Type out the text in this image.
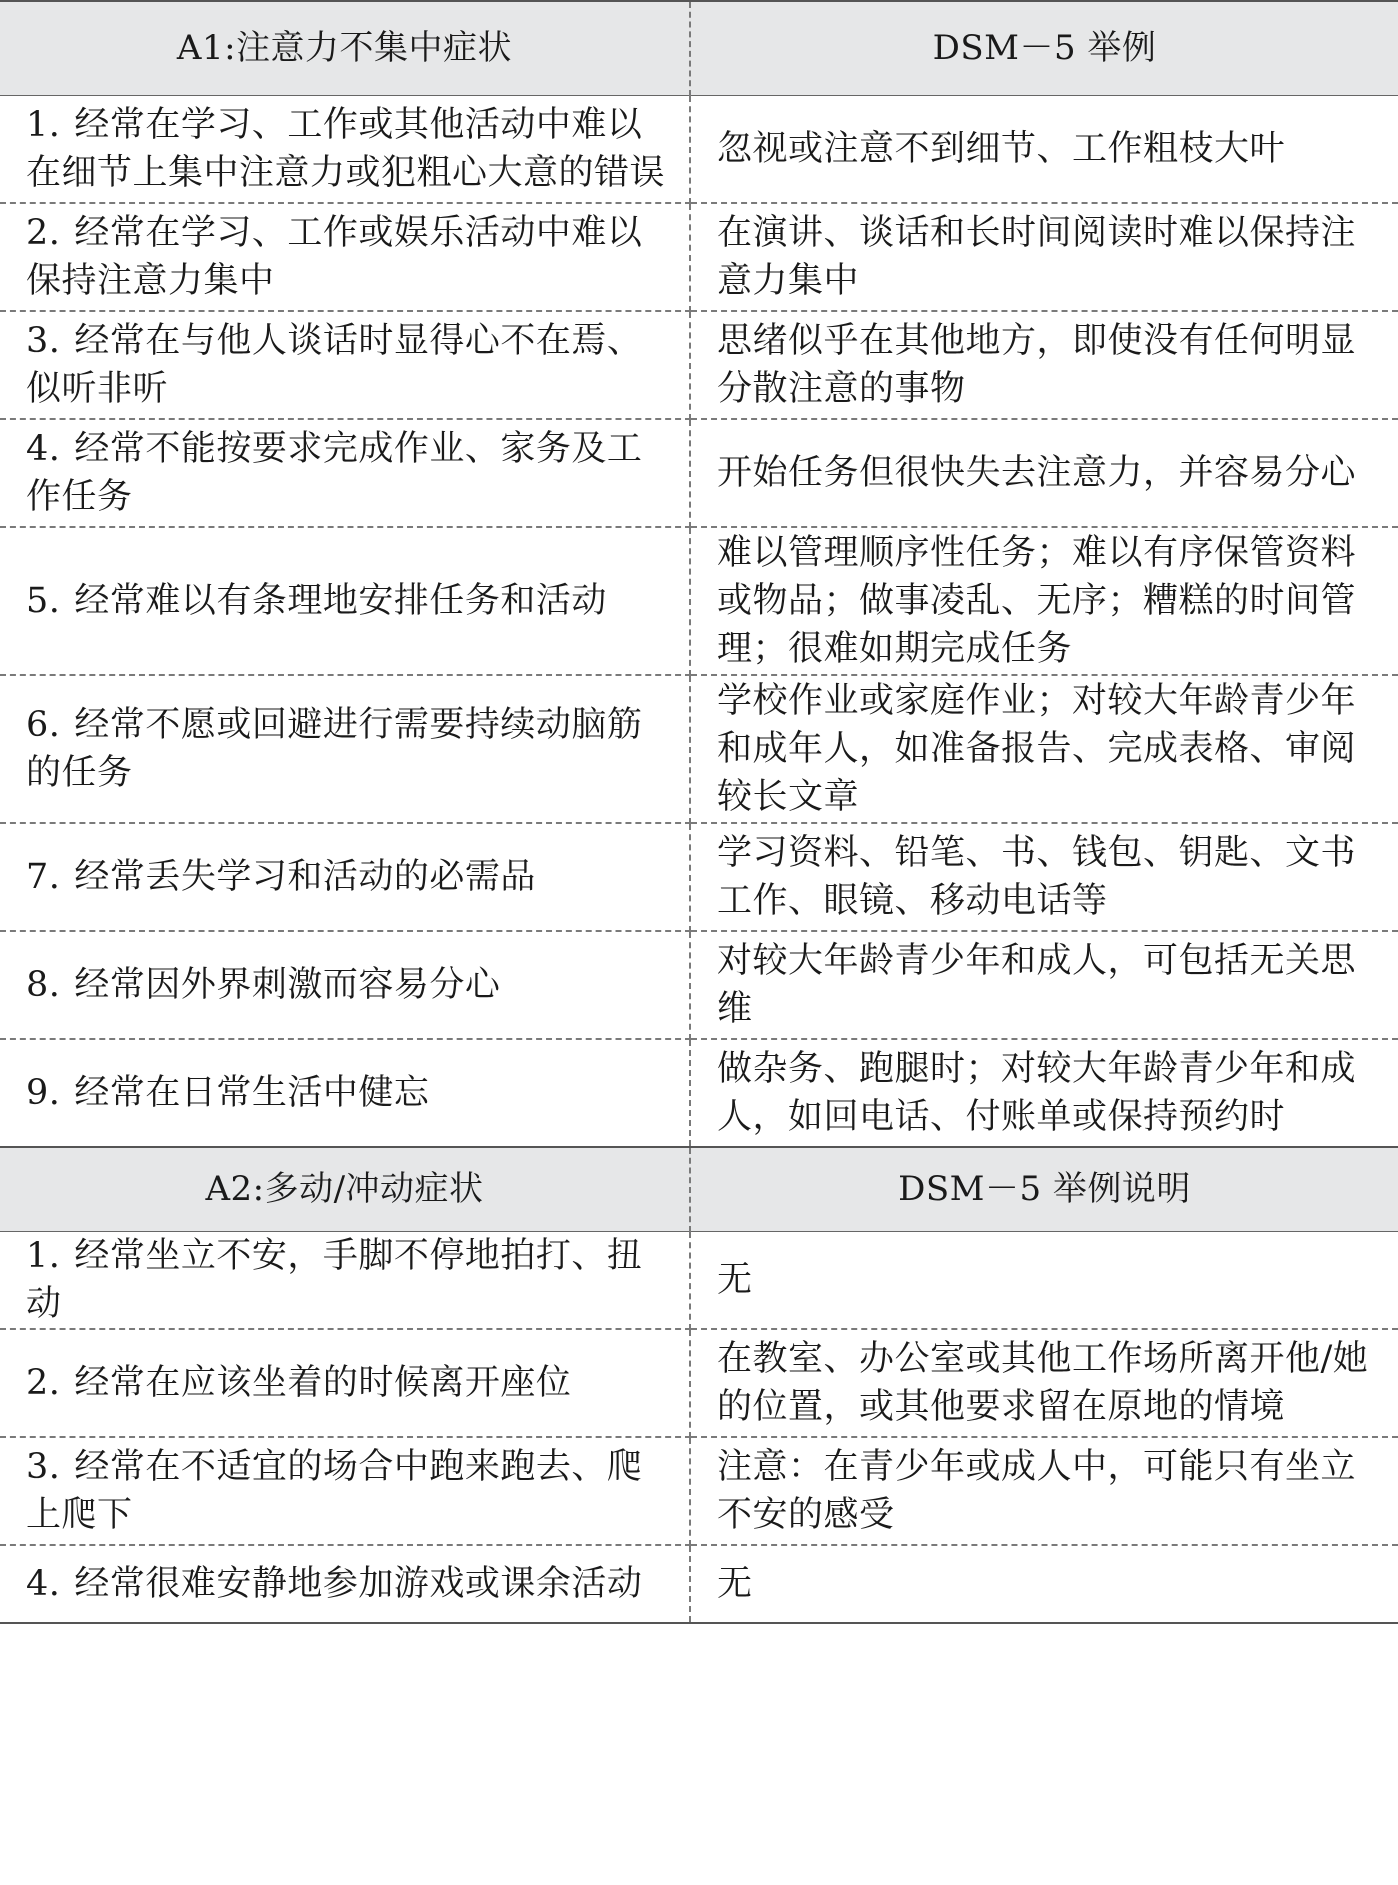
A1:注意力不集中症状	DSM－5 举例
1. 经常在学习、工作或其他活动中难以在细节上集中注意力或犯粗心大意的错误	忽视或注意不到细节、工作粗枝大叶
2. 经常在学习、工作或娱乐活动中难以保持注意力集中	在演讲、谈话和长时间阅读时难以保持注意力集中
3. 经常在与他人谈话时显得心不在焉、似听非听	思绪似乎在其他地方，即使没有任何明显分散注意的事物
4. 经常不能按要求完成作业、家务及工作任务	开始任务但很快失去注意力，并容易分心
5. 经常难以有条理地安排任务和活动	难以管理顺序性任务；难以有序保管资料或物品；做事凌乱、无序；糟糕的时间管理；很难如期完成任务
6. 经常不愿或回避进行需要持续动脑筋的任务	学校作业或家庭作业；对较大年龄青少年和成年人，如准备报告、完成表格、审阅较长文章
7. 经常丢失学习和活动的必需品	学习资料、铅笔、书、钱包、钥匙、文书工作、眼镜、移动电话等
8. 经常因外界刺激而容易分心	对较大年龄青少年和成人，可包括无关思维
9. 经常在日常生活中健忘	做杂务、跑腿时；对较大年龄青少年和成人，如回电话、付账单或保持预约时
A2:多动/冲动症状	DSM－5 举例说明
1. 经常坐立不安，手脚不停地拍打、扭动	无
2. 经常在应该坐着的时候离开座位	在教室、办公室或其他工作场所离开他/她的位置，或其他要求留在原地的情境
3. 经常在不适宜的场合中跑来跑去、爬上爬下	注意：在青少年或成人中，可能只有坐立不安的感受
4. 经常很难安静地参加游戏或课余活动	无
